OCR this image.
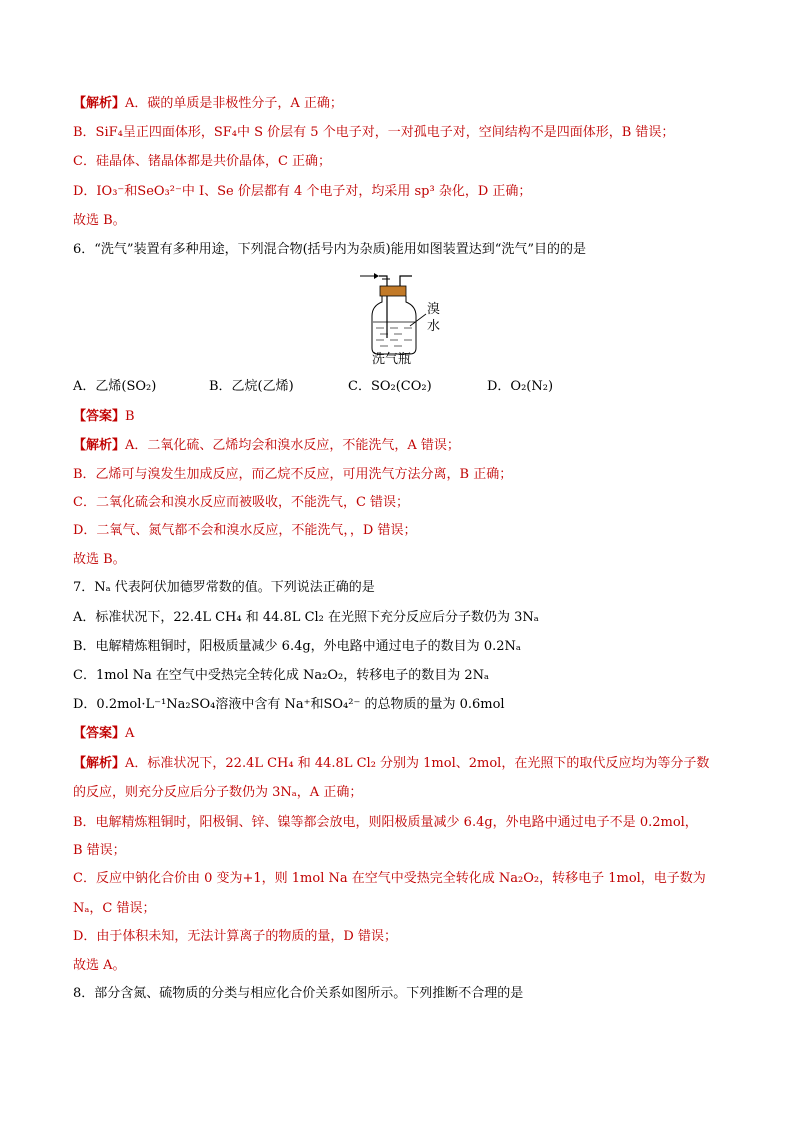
【解析】A．碳的单质是非极性分子，A 正确；
B．SiF₄呈正四面体形，SF₄中 S 价层有 5 个电子对，一对孤电子对，空间结构不是四面体形，B 错误；
C．硅晶体、锗晶体都是共价晶体，C 正确；
D．IO₃⁻和SeO₃²⁻中 I、Se 价层都有 4 个电子对，均采用 sp³ 杂化，D 正确；
故选 B。
6．“洗气”装置有多种用途，下列混合物(括号内为杂质)能用如图装置达到“洗气”目的的是
溴
水
洗气瓶
A．乙烯(SO₂)	B．乙烷(乙烯)	C．SO₂(CO₂)	D．O₂(N₂)
【答案】B
【解析】A．二氧化硫、乙烯均会和溴水反应，不能洗气，A 错误；
B．乙烯可与溴发生加成反应，而乙烷不反应，可用洗气方法分离，B 正确；
C．二氧化硫会和溴水反应而被吸收，不能洗气，C 错误；
D．二氧气、氮气都不会和溴水反应，不能洗气，，D 错误；
故选 B。
7．Nₐ 代表阿伏加德罗常数的值。下列说法正确的是
A．标准状况下，22.4L CH₄ 和 44.8L Cl₂ 在光照下充分反应后分子数仍为 3Nₐ
B．电解精炼粗铜时，阳极质量减少 6.4g，外电路中通过电子的数目为 0.2Nₐ
C．1mol Na 在空气中受热完全转化成 Na₂O₂，转移电子的数目为 2Nₐ
D．0.2mol·L⁻¹Na₂SO₄溶液中含有 Na⁺和SO₄²⁻ 的总物质的量为 0.6mol
【答案】A
【解析】A．标准状况下，22.4L CH₄ 和 44.8L Cl₂ 分别为 1mol、2mol，在光照下的取代反应均为等分子数
的反应，则充分反应后分子数仍为 3Nₐ，A 正确；
B．电解精炼粗铜时，阳极铜、锌、镍等都会放电，则阳极质量减少 6.4g，外电路中通过电子不是 0.2mol，
B 错误；
C．反应中钠化合价由 0 变为+1，则 1mol Na 在空气中受热完全转化成 Na₂O₂，转移电子 1mol，电子数为
Nₐ，C 错误；
D．由于体积未知，无法计算离子的物质的量，D 错误；
故选 A。
8．部分含氮、硫物质的分类与相应化合价关系如图所示。下列推断不合理的是
